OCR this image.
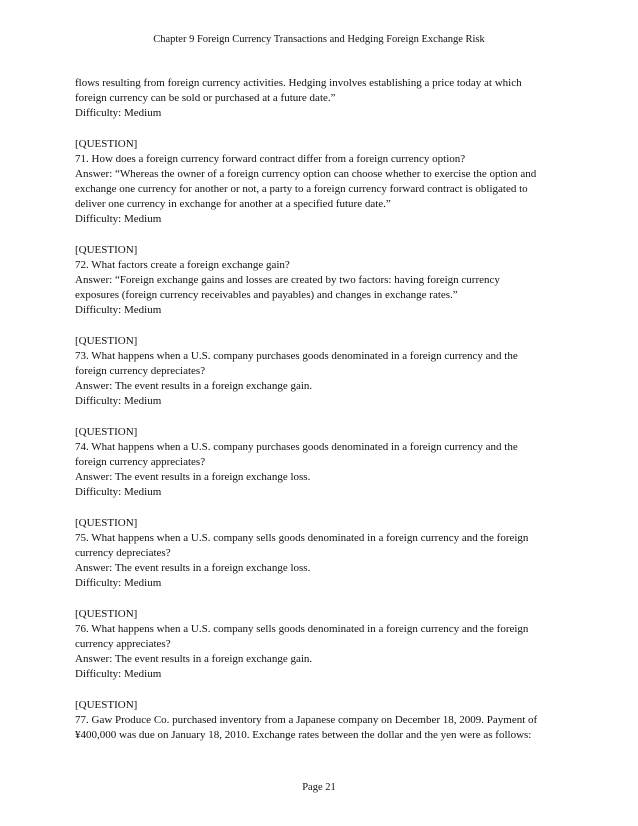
Chapter 9 Foreign Currency Transactions and Hedging Foreign Exchange Risk
flows resulting from foreign currency activities. Hedging involves establishing a price today at which
foreign currency can be sold or purchased at a future date.”
Difficulty: Medium
[QUESTION]
71. How does a foreign currency forward contract differ from a foreign currency option?
Answer: “Whereas the owner of a foreign currency option can choose whether to exercise the option and
exchange one currency for another or not, a party to a foreign currency forward contract is obligated to
deliver one currency in exchange for another at a specified future date.”
Difficulty: Medium
[QUESTION]
72. What factors create a foreign exchange gain?
Answer: “Foreign exchange gains and losses are created by two factors: having foreign currency
exposures (foreign currency receivables and payables) and changes in exchange rates.”
Difficulty: Medium
[QUESTION]
73. What happens when a U.S. company purchases goods denominated in a foreign currency and the
foreign currency depreciates?
Answer: The event results in a foreign exchange gain.
Difficulty: Medium
[QUESTION]
74. What happens when a U.S. company purchases goods denominated in a foreign currency and the
foreign currency appreciates?
Answer: The event results in a foreign exchange loss.
Difficulty: Medium
[QUESTION]
75. What happens when a U.S. company sells goods denominated in a foreign currency and the foreign
currency depreciates?
Answer: The event results in a foreign exchange loss.
Difficulty: Medium
[QUESTION]
76. What happens when a U.S. company sells goods denominated in a foreign currency and the foreign
currency appreciates?
Answer: The event results in a foreign exchange gain.
Difficulty: Medium
[QUESTION]
77. Gaw Produce Co. purchased inventory from a Japanese company on December 18, 2009. Payment of
¥400,000 was due on January 18, 2010. Exchange rates between the dollar and the yen were as follows:
Page 21
